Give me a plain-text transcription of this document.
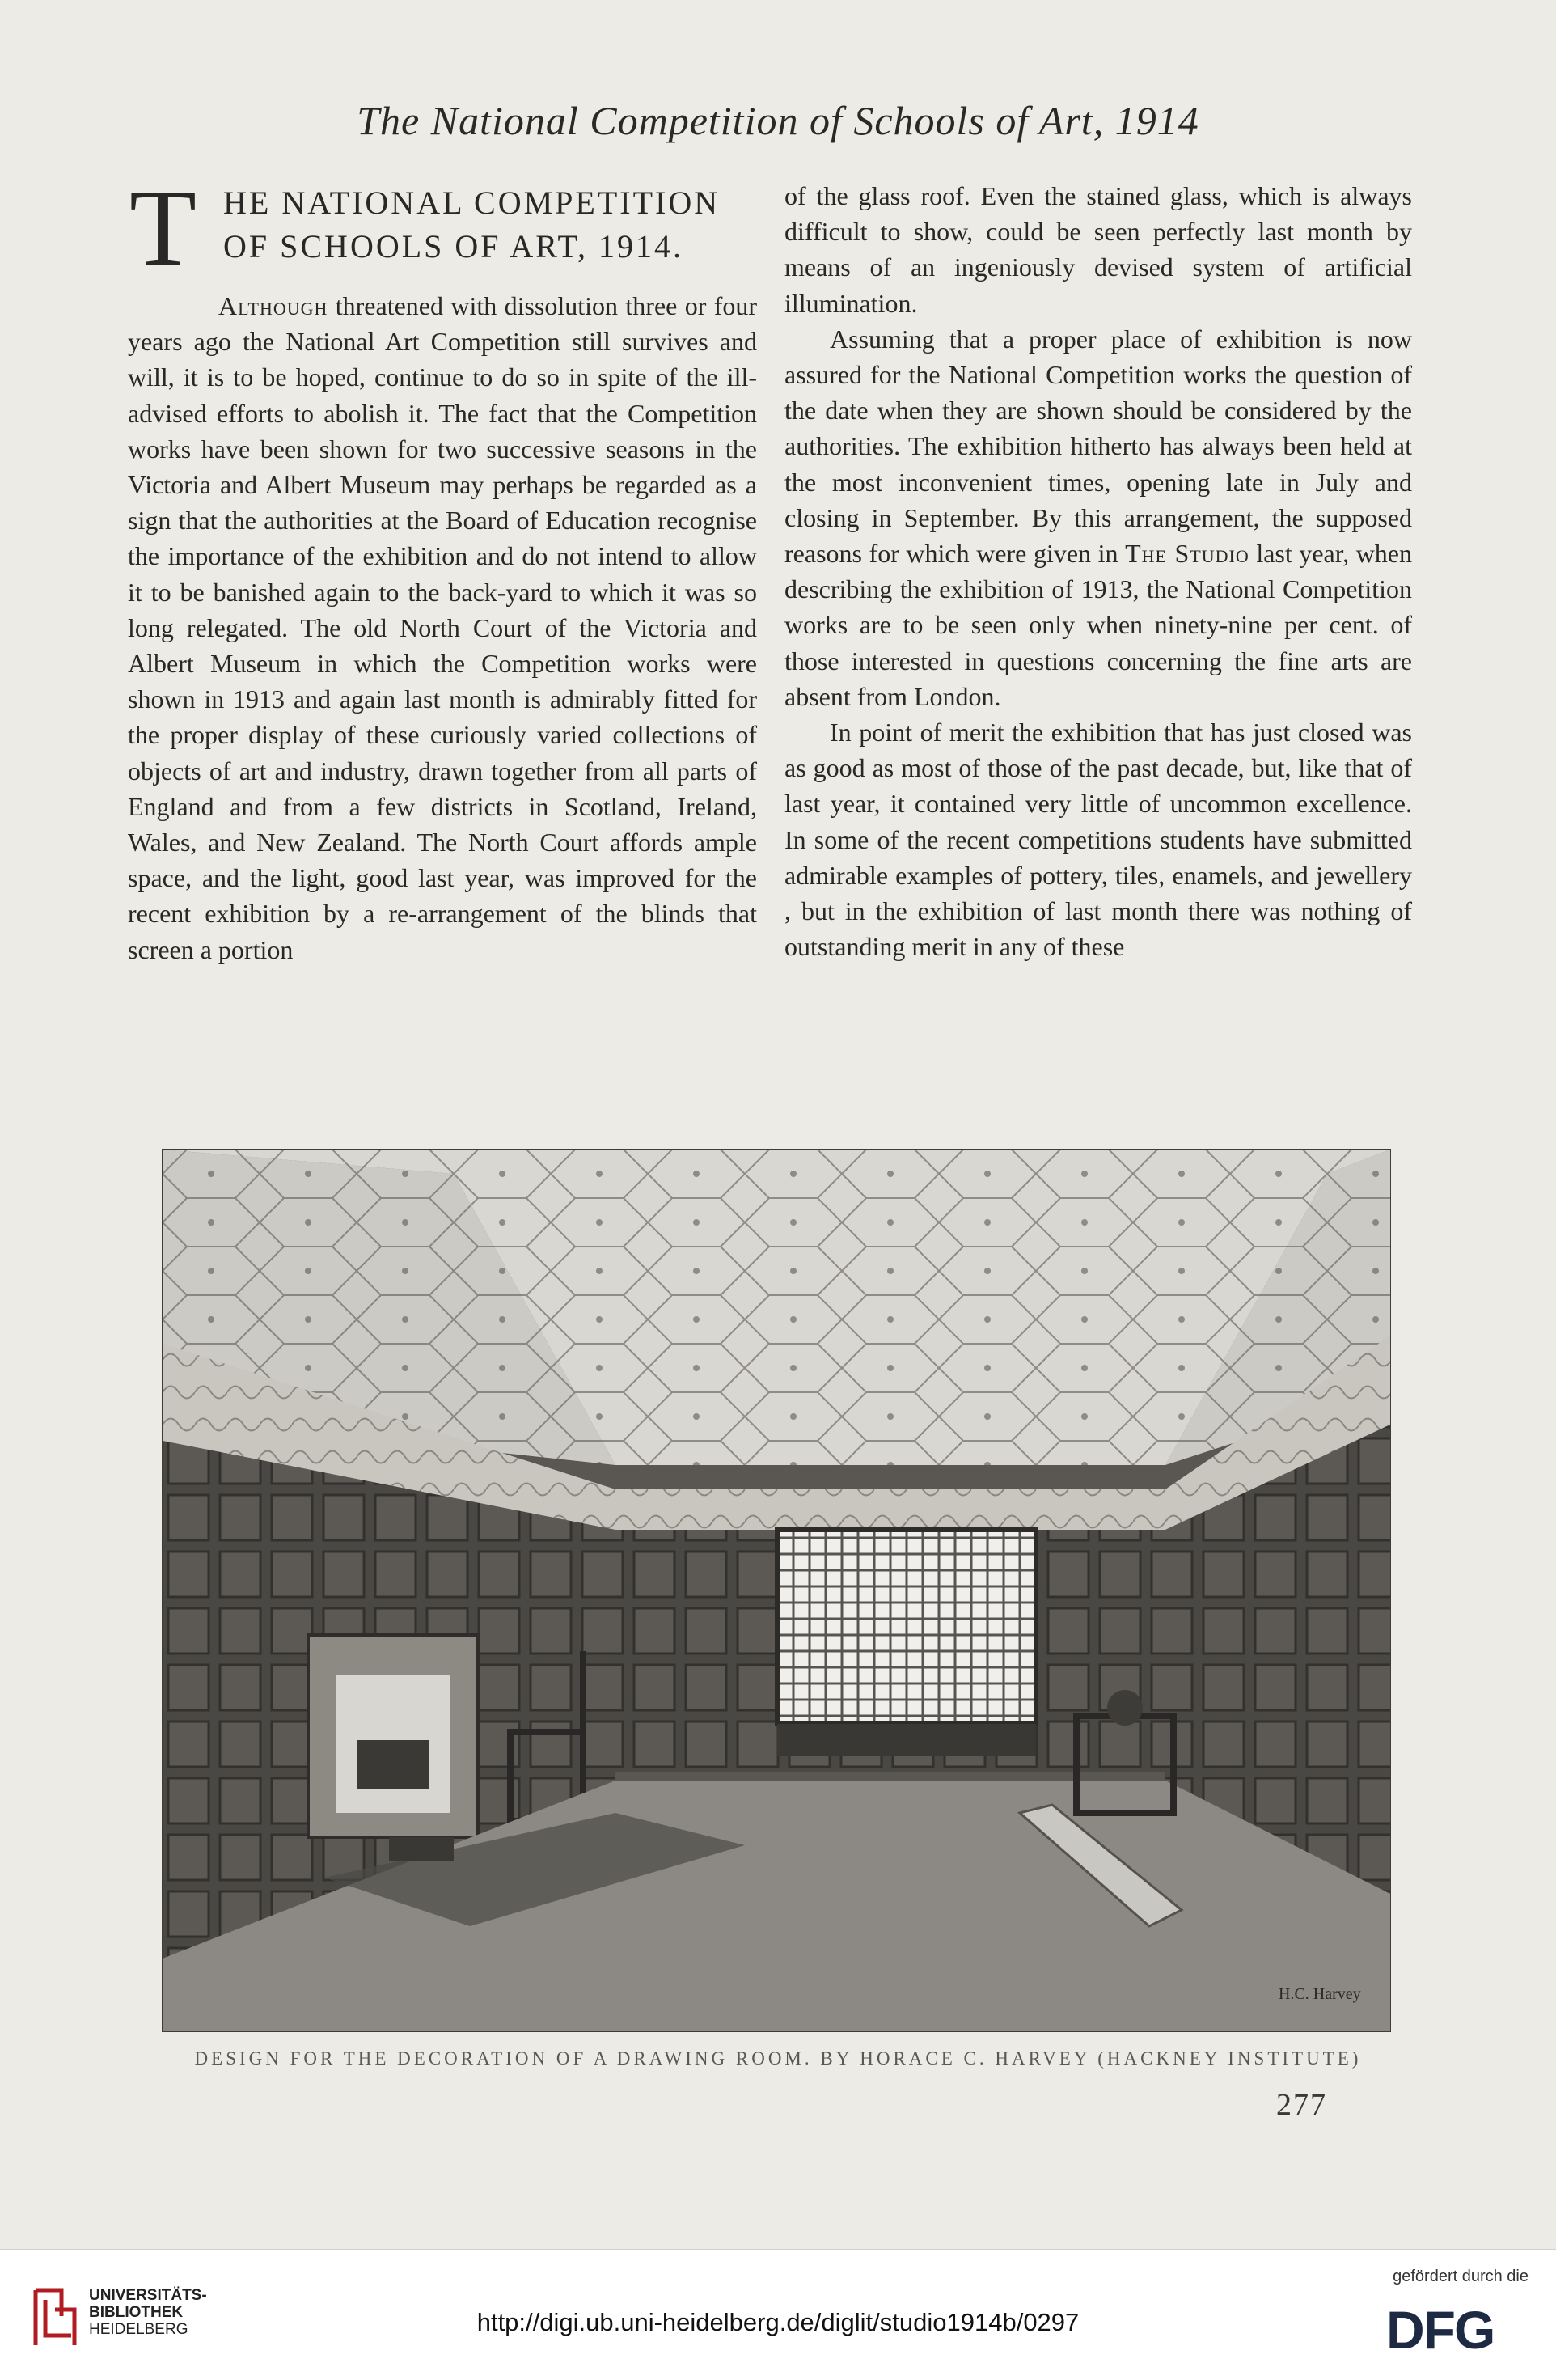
The National Competition of Schools of Art, 1914
T HE NATIONAL COMPETITION
OF SCHOOLS OF ART, 1914.

Although threatened with dissolution three or four years ago the National Art Competition still survives and will, it is to be hoped, continue to do so in spite of the ill-advised efforts to abolish it. The fact that the Competition works have been shown for two successive seasons in the Victoria and Albert Museum may perhaps be regarded as a sign that the authorities at the Board of Education recognise the importance of the exhibition and do not intend to allow it to be banished again to the back-yard to which it was so long relegated. The old North Court of the Victoria and Albert Museum in which the Competition works were shown in 1913 and again last month is admirably fitted for the proper display of these curiously varied collections of objects of art and industry, drawn together from all parts of England and from a few districts in Scotland, Ireland, Wales, and New Zealand. The North Court affords ample space, and the light, good last year, was improved for the recent exhibition by a re-arrangement of the blinds that screen a portion

of the glass roof. Even the stained glass, which is always difficult to show, could be seen perfectly last month by means of an ingeniously devised system of artificial illumination.

Assuming that a proper place of exhibition is now assured for the National Competition works the question of the date when they are shown should be considered by the authorities. The exhibition hitherto has always been held at the most inconvenient times, opening late in July and closing in September. By this arrangement, the supposed reasons for which were given in The Studio last year, when describing the exhibition of 1913, the National Competition works are to be seen only when ninety-nine per cent. of those interested in questions concerning the fine arts are absent from London.

In point of merit the exhibition that has just closed was as good as most of those of the past decade, but, like that of last year, it contained very little of uncommon excellence. In some of the recent competitions students have submitted admirable examples of pottery, tiles, enamels, and jewellery , but in the exhibition of last month there was nothing of outstanding merit in any of these

H.C. Harvey
DESIGN FOR THE DECORATION OF A DRAWING ROOM. BY HORACE C. HARVEY (HACKNEY INSTITUTE)
277
UNIVERSITÄTS-
BIBLIOTHEK
HEIDELBERG	http://digi.ub.uni-heidelberg.de/diglit/studio1914b/0297
gefördert durch die
DFG
